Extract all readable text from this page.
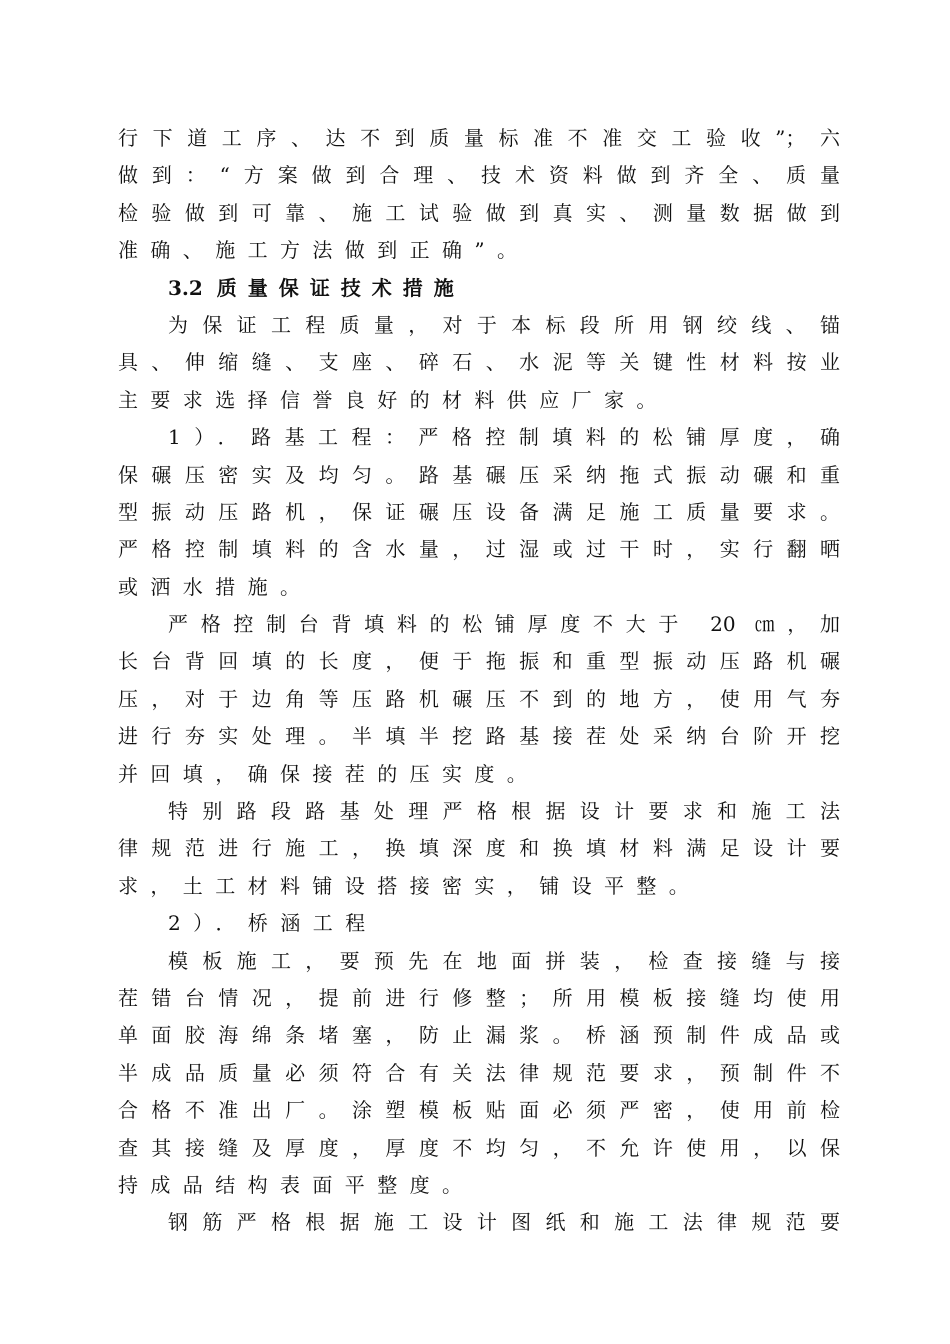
行下道工序、达不到质量标准不准交工验收”；六
做到：“方案做到合理、技术资料做到齐全、质量
检验做到可靠、施工试验做到真实、测量数据做到
准确、施工方法做到正确”。
3.2 质量保证技术措施
为保证工程质量，对于本标段所用钢绞线、锚
具、伸缩缝、支座、碎石、水泥等关键性材料按业
主要求选择信誉良好的材料供应厂家。
1）．路基工程：严格控制填料的松铺厚度，确
保碾压密实及均匀。路基碾压采纳拖式振动碾和重
型振动压路机，保证碾压设备满足施工质量要求。
严格控制填料的含水量，过湿或过干时，实行翻晒
或洒水措施。
严格控制台背填料的松铺厚度不大于 20 ㎝，加
长台背回填的长度，便于拖振和重型振动压路机碾
压，对于边角等压路机碾压不到的地方，使用气夯
进行夯实处理。半填半挖路基接茬处采纳台阶开挖
并回填，确保接茬的压实度。
特别路段路基处理严格根据设计要求和施工法
律规范进行施工，换填深度和换填材料满足设计要
求，土工材料铺设搭接密实，铺设平整。
2）．桥涵工程
模板施工，要预先在地面拼装，检查接缝与接
茬错台情况，提前进行修整；所用模板接缝均使用
单面胶海绵条堵塞，防止漏浆。桥涵预制件成品或
半成品质量必须符合有关法律规范要求，预制件不
合格不准出厂。涂塑模板贴面必须严密，使用前检
查其接缝及厚度，厚度不均匀，不允许使用，以保
持成品结构表面平整度。
钢筋严格根据施工设计图纸和施工法律规范要
